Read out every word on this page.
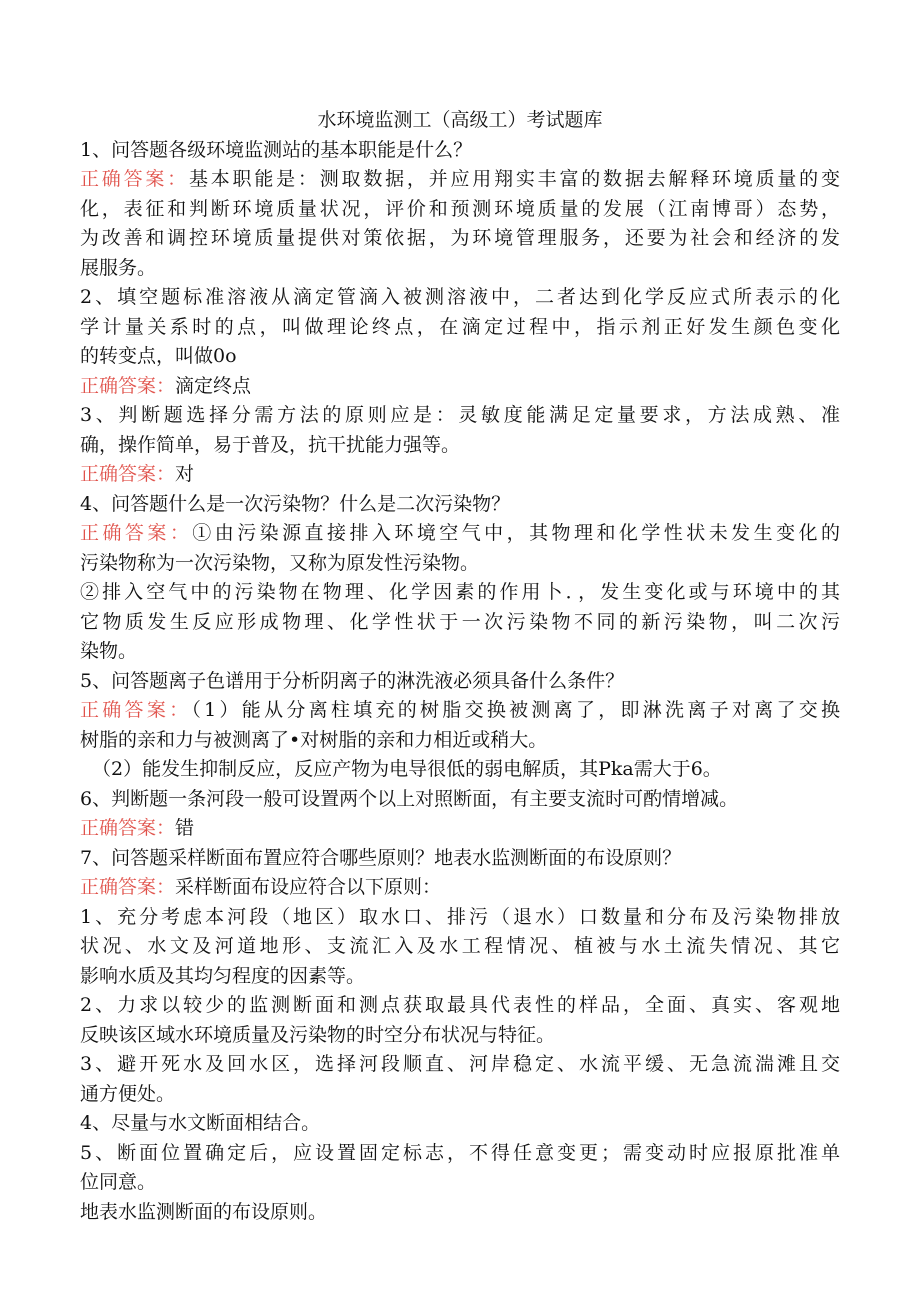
水环境监测工（高级工）考试题库

1、问答题各级环境监测站的基本职能是什么？

正确答案：基本职能是：测取数据，并应用翔实丰富的数据去解释环境质量的变

化，表征和判断环境质量状况，评价和预测环境质量的发展（江南博哥）态势，

为改善和调控环境质量提供对策依据，为环境管理服务，还要为社会和经济的发

展服务。

2、填空题标准溶液从滴定管滴入被测溶液中，二者达到化学反应式所表示的化

学计量关系时的点，叫做理论终点，在滴定过程中，指示剂正好发生颜色变化

的转变点，叫做0o

正确答案：滴定终点

3、判断题选择分需方法的原则应是：灵敏度能满足定量要求，方法成熟、准

确，操作简单，易于普及，抗干扰能力强等。

正确答案：对

4、问答题什么是一次污染物？什么是二次污染物？

正确答案：①由污染源直接排入环境空气中，其物理和化学性状未发生变化的

污染物称为一次污染物，又称为原发性污染物。

②排入空气中的污染物在物理、化学因素的作用卜．，发生变化或与环境中的其

它物质发生反应形成物理、化学性状于一次污染物不同的新污染物，叫二次污

染物。

5、问答题离子色谱用于分析阴离子的淋洗液必须具备什么条件？

正确答案：（1）能从分离柱填充的树脂交换被测离了，即淋洗离子对离了交换

树脂的亲和力与被测离了•对树脂的亲和力相近或稍大。

（2）能发生抑制反应，反应产物为电导很低的弱电解质，其Pka需大于6。

6、判断题一条河段一般可设置两个以上对照断面，有主要支流时可酌情增减。

正确答案：错

7、问答题采样断面布置应符合哪些原则？地表水监测断面的布设原则？

正确答案：采样断面布设应符合以下原则：

1、充分考虑本河段（地区）取水口、排污（退水）口数量和分布及污染物排放

状况、水文及河道地形、支流汇入及水工程情况、植被与水土流失情况、其它

影响水质及其均匀程度的因素等。

2、力求以较少的监测断面和测点获取最具代表性的样品，全面、真实、客观地

反映该区域水环境质量及污染物的时空分布状况与特征。

3、避开死水及回水区，选择河段顺直、河岸稳定、水流平缓、无急流湍滩且交

通方便处。

4、尽量与水文断面相结合。

5、断面位置确定后，应设置固定标志，不得任意变更；需变动时应报原批准单

位同意。

地表水监测断面的布设原则。
